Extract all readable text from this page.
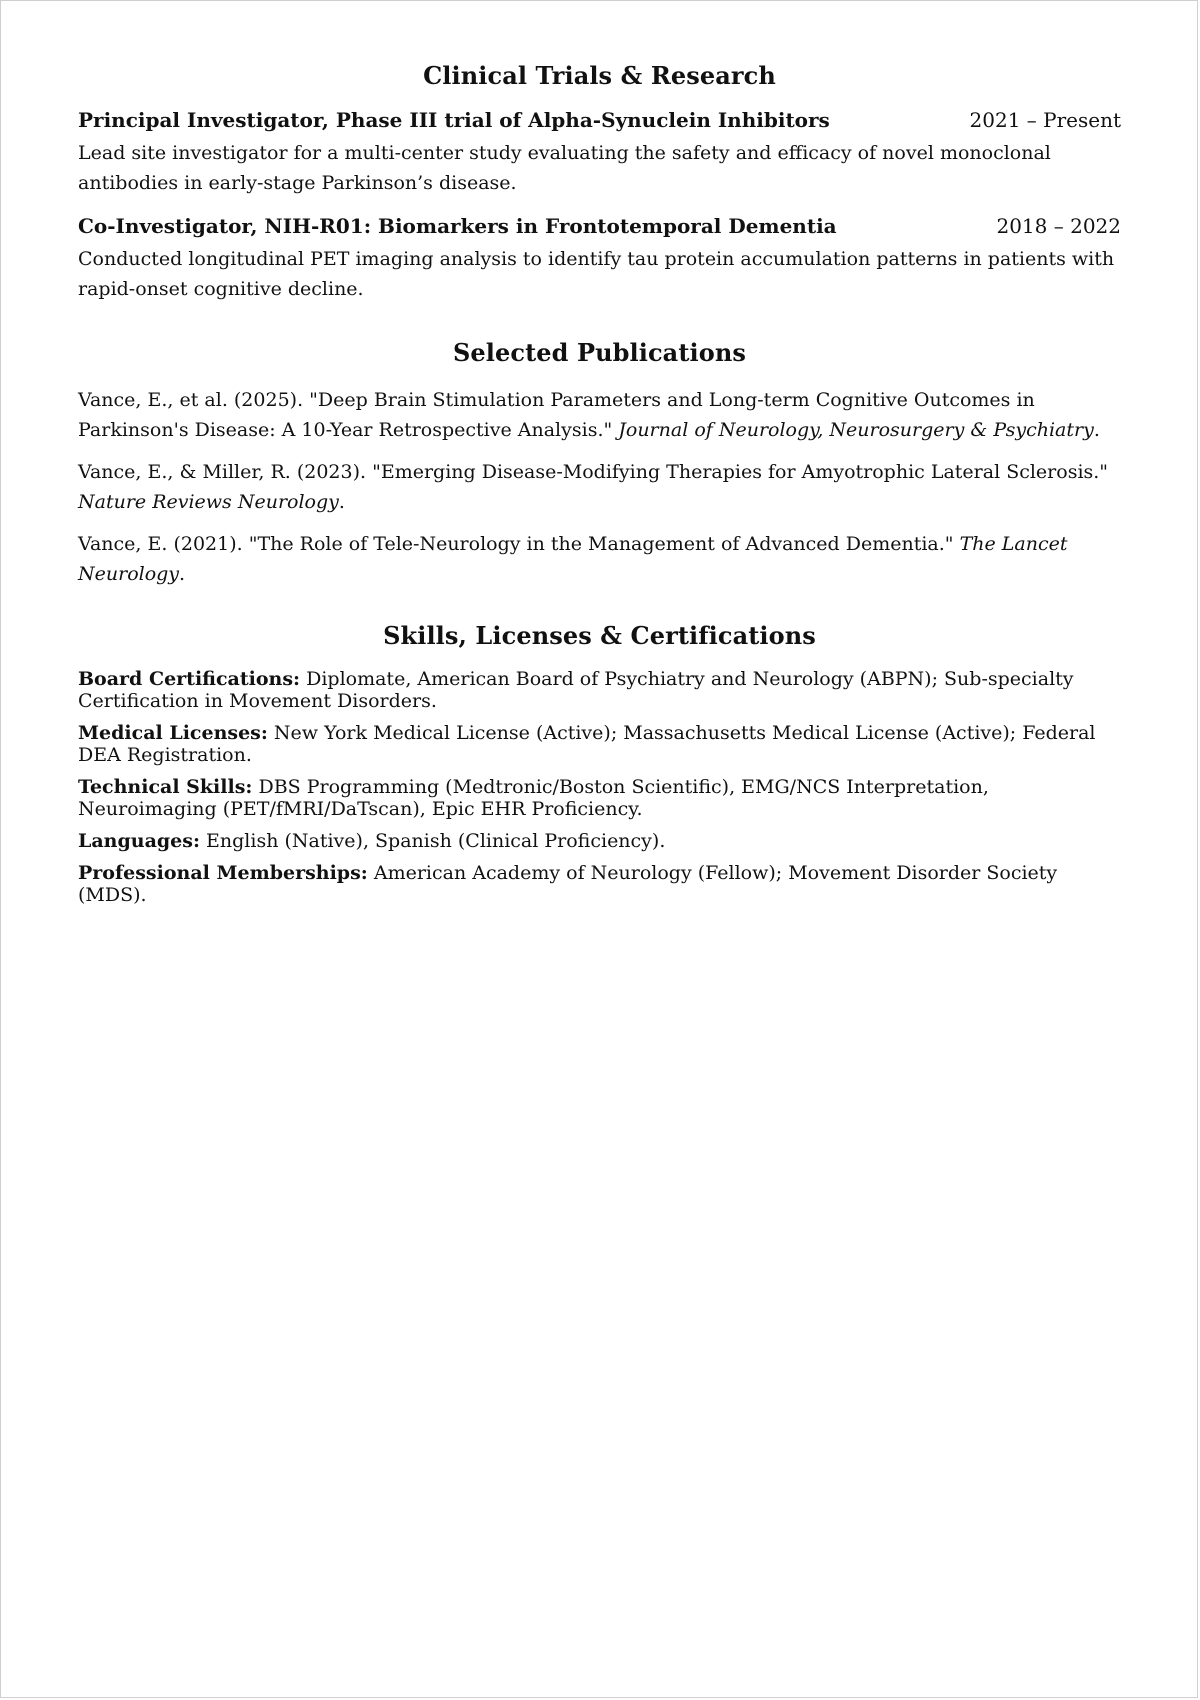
Clinical Trials & Research
Principal Investigator, Phase III trial of Alpha-Synuclein Inhibitors	2021 – Present
Lead site investigator for a multi-center study evaluating the safety and efficacy of novel monoclonal antibodies in early-stage Parkinson’s disease.
Co-Investigator, NIH-R01: Biomarkers in Frontotemporal Dementia	2018 – 2022
Conducted longitudinal PET imaging analysis to identify tau protein accumulation patterns in patients with rapid-onset cognitive decline.
Selected Publications

Vance, E., et al. (2025). "Deep Brain Stimulation Parameters and Long-term Cognitive Outcomes in Parkinson's Disease: A 10-Year Retrospective Analysis." Journal of Neurology, Neurosurgery & Psychiatry.

Vance, E., & Miller, R. (2023). "Emerging Disease-Modifying Therapies for Amyotrophic Lateral Sclerosis." Nature Reviews Neurology.

Vance, E. (2021). "The Role of Tele-Neurology in the Management of Advanced Dementia." The Lancet Neurology.

Skills, Licenses & Certifications

Board Certifications: Diplomate, American Board of Psychiatry and Neurology (ABPN); Sub-specialty Certification in Movement Disorders.

Medical Licenses: New York Medical License (Active); Massachusetts Medical License (Active); Federal DEA Registration.

Technical Skills: DBS Programming (Medtronic/Boston Scientific), EMG/NCS Interpretation, Neuroimaging (PET/fMRI/DaTscan), Epic EHR Proficiency.

Languages: English (Native), Spanish (Clinical Proficiency).

Professional Memberships: American Academy of Neurology (Fellow); Movement Disorder Society (MDS).
